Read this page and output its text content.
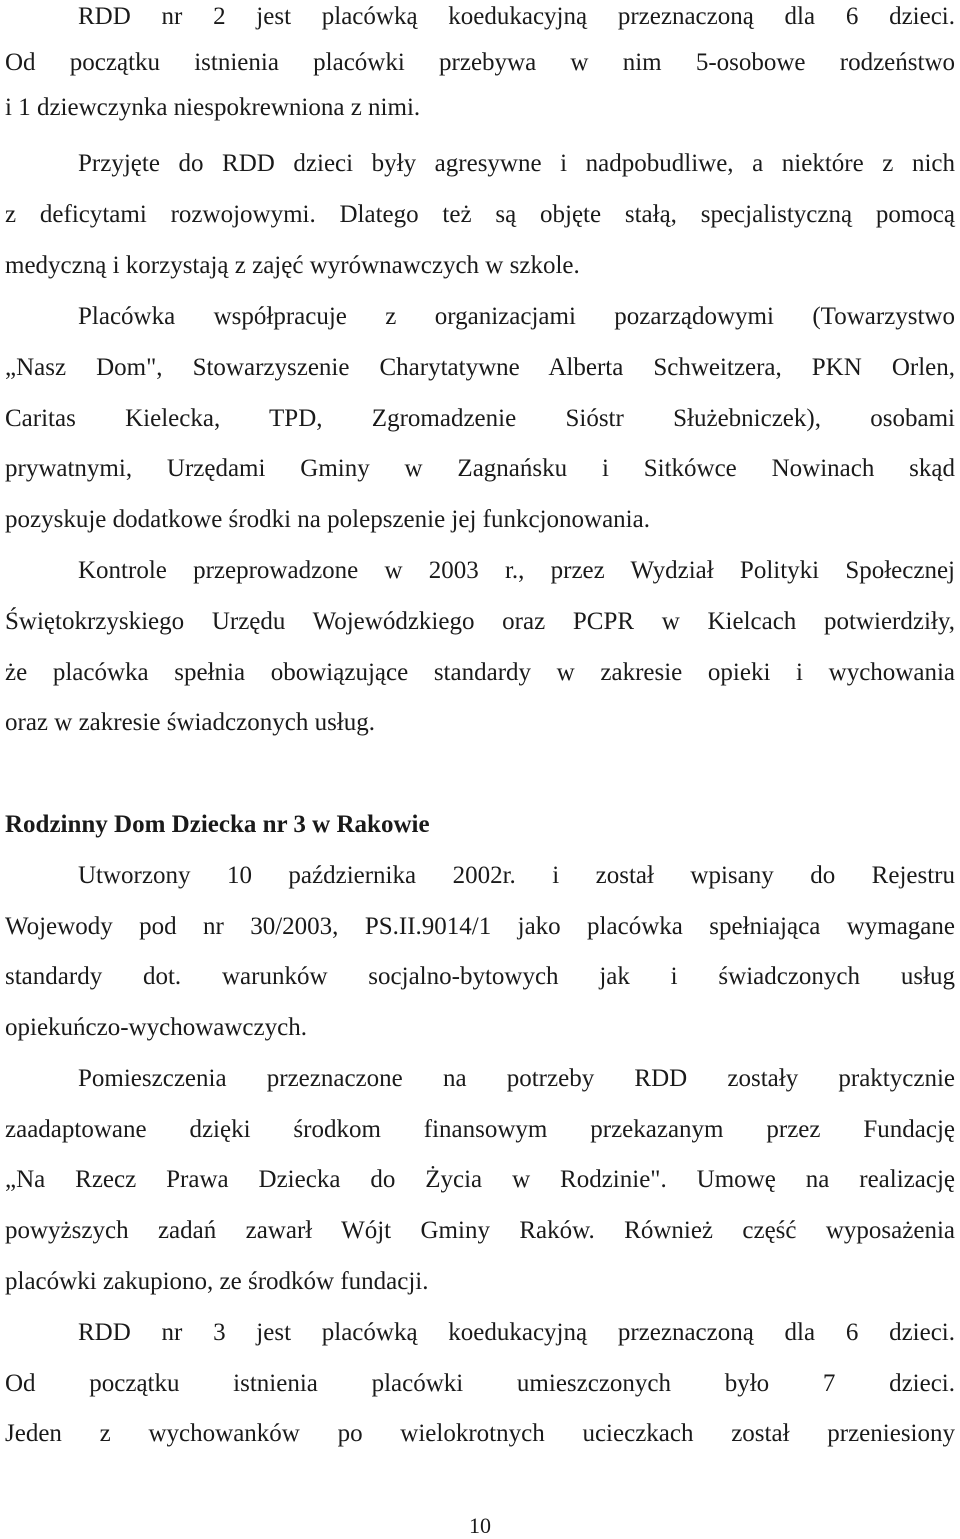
RDD nr 2 jest placówką koedukacyjną przeznaczoną dla 6 dzieci.
Od początku istnienia placówki przebywa w nim 5-osobowe rodzeństwo
i 1 dziewczynka niespokrewniona z nimi.
Przyjęte do RDD dzieci były agresywne i nadpobudliwe, a niektóre z nich
z deficytami rozwojowymi. Dlatego też są objęte stałą, specjalistyczną pomocą
medyczną i korzystają z zajęć wyrównawczych w szkole.
Placówka współpracuje z organizacjami pozarządowymi (Towarzystwo
„Nasz Dom", Stowarzyszenie Charytatywne Alberta Schweitzera, PKN Orlen,
Caritas Kielecka, TPD, Zgromadzenie Sióstr Służebniczek), osobami
prywatnymi, Urzędami Gminy w Zagnańsku i Sitkówce Nowinach skąd
pozyskuje dodatkowe środki na polepszenie jej funkcjonowania.
Kontrole przeprowadzone w 2003 r., przez Wydział Polityki Społecznej
Świętokrzyskiego Urzędu Wojewódzkiego oraz PCPR w Kielcach potwierdziły,
że placówka spełnia obowiązujące standardy w zakresie opieki i wychowania
oraz w zakresie świadczonych usług.
Rodzinny Dom Dziecka nr 3 w Rakowie
Utworzony 10 października 2002r. i został wpisany do Rejestru
Wojewody pod nr 30/2003, PS.II.9014/1 jako placówka spełniająca wymagane
standardy dot. warunków socjalno-bytowych jak i świadczonych usług
opiekuńczo-wychowawczych.
Pomieszczenia przeznaczone na potrzeby RDD zostały praktycznie
zaadaptowane dzięki środkom finansowym przekazanym przez Fundację
„Na Rzecz Prawa Dziecka do Życia w Rodzinie". Umowę na realizację
powyższych zadań zawarł Wójt Gminy Raków. Również część wyposażenia
placówki zakupiono, ze środków fundacji.
RDD nr 3 jest placówką koedukacyjną przeznaczoną dla 6 dzieci.
Od początku istnienia placówki umieszczonych było 7 dzieci.
Jeden z wychowanków po wielokrotnych ucieczkach został przeniesiony
10
